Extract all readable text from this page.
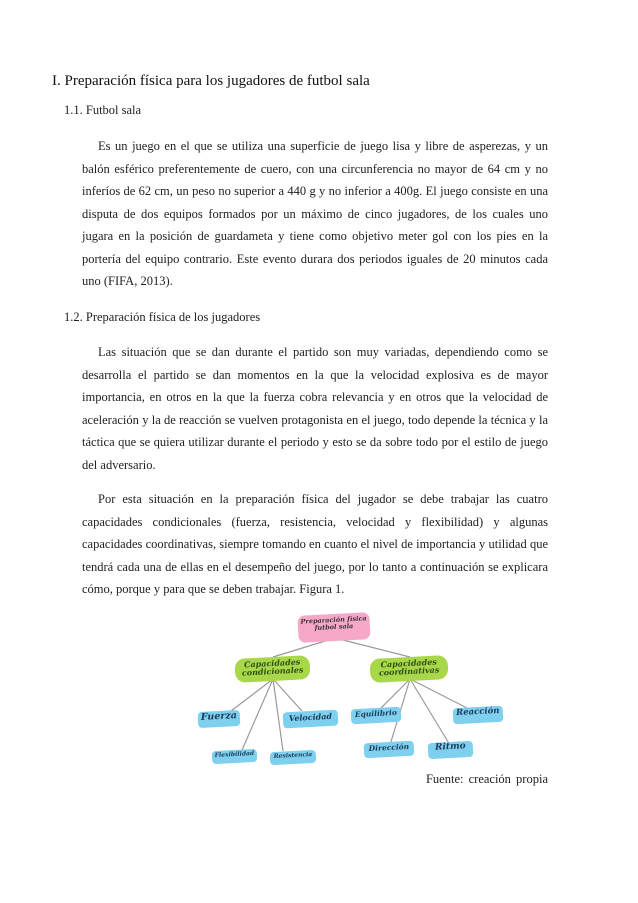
I. Preparación física para los jugadores de futbol sala
1.1. Futbol sala
Es un juego en el que se utiliza una superficie de juego lisa y libre de asperezas, y un balón esférico preferentemente de cuero, con una circunferencia no mayor de 64 cm y no inferíos de 62 cm, un peso no superior a 440 g y no inferior a 400g. El juego consiste en una disputa de dos equipos formados por un máximo de cinco jugadores, de los cuales uno jugara en la posición de guardameta y tiene como objetivo meter gol con los pies en la portería del equipo contrario. Este evento durara dos periodos iguales de 20 minutos cada uno (FIFA, 2013).
1.2. Preparación física de los jugadores
Las situación que se dan durante el partido son muy variadas, dependiendo como se desarrolla el partido se dan momentos en la que la velocidad explosiva es de mayor importancia, en otros en la que la fuerza cobra relevancia y en otros que la velocidad de aceleración y la de reacción se vuelven protagonista en el juego, todo depende la técnica y la táctica que se quiera utilizar durante el periodo y esto se da sobre todo por el estilo de juego del adversario.
Por esta situación en la preparación física del jugador se debe trabajar las cuatro capacidades condicionales (fuerza, resistencia, velocidad y flexibilidad) y algunas capacidades coordinativas, siempre tomando en cuanto el nivel de importancia y utilidad que tendrá cada una de ellas en el desempeño del juego, por lo tanto a continuación se explicara cómo, porque y para que se deben trabajar. Figura 1.
Preparación física futbol sala
Capacidades condicionales
Capacidades coordinativas
Fuerza	Velocidad
Flexibilidad	Resistencia
Equilibrio	Reacción
Dirección	Ritmo
Fuente: creación propia
